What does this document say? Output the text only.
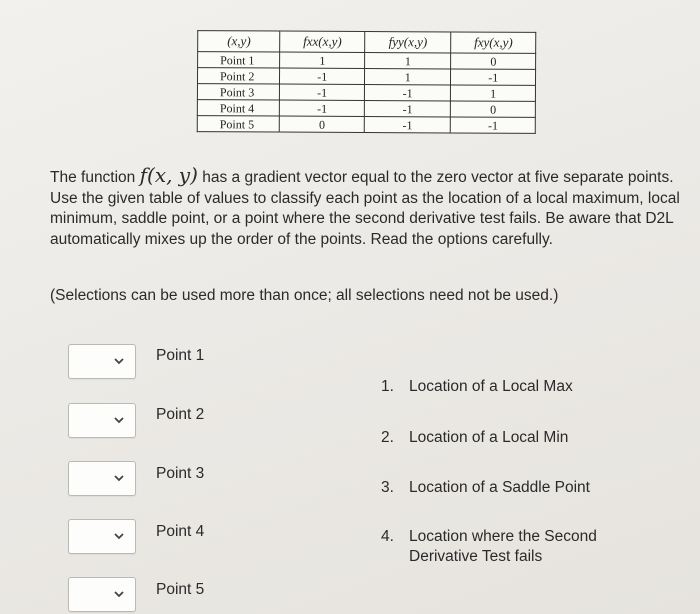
(x,y)	fxx(x,y)	fyy(x,y)	fxy(x,y)
Point 1	1	1	0
Point 2	-1	1	-1
Point 3	-1	-1	1
Point 4	-1	-1	0
Point 5	0	-1	-1
The function f(x, y) has a gradient vector equal to the zero vector at five separate points. Use the given table of values to classify each point as the location of a local maximum, local minimum, saddle point, or a point where the second derivative test fails. Be aware that D2L automatically mixes up the order of the points. Read the options carefully.
(Selections can be used more than once; all selections need not be used.)
Point 1
Point 2
Point 3
Point 4
Point 5
1. Location of a Local Max
2. Location of a Local Min
3. Location of a Saddle Point
4. Location where the Second
Derivative Test fails
